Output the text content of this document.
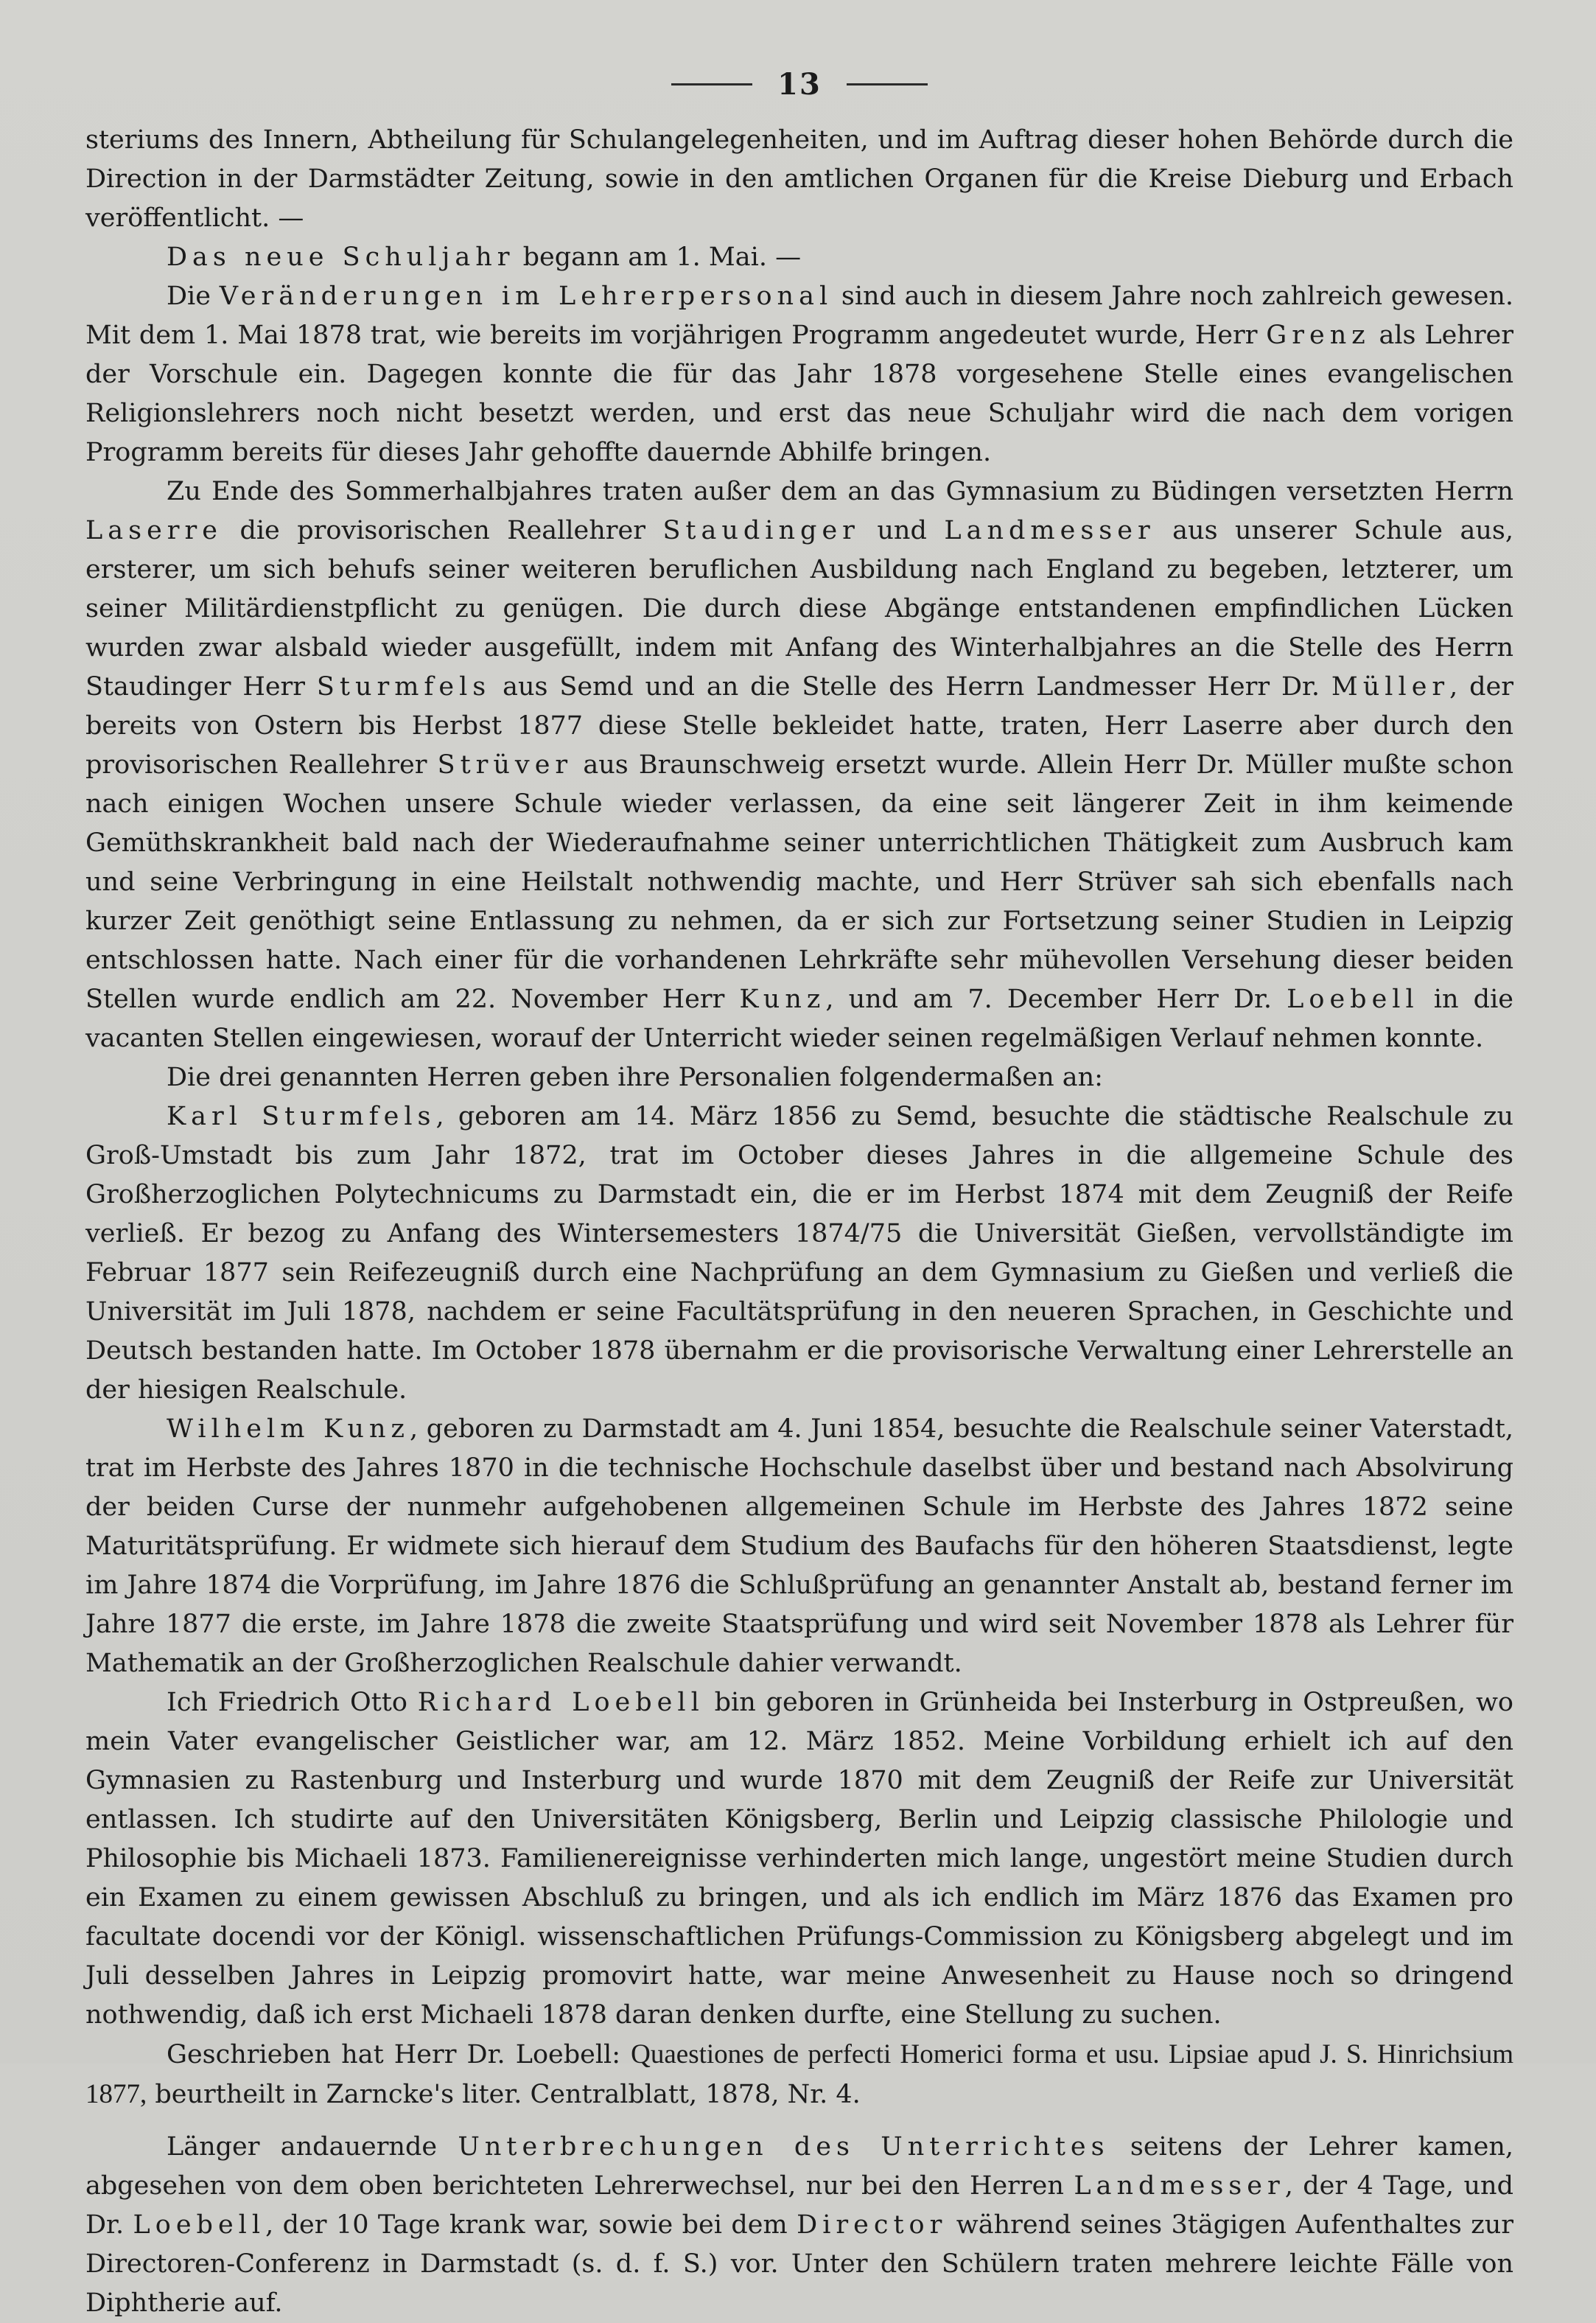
13

steriums des Innern, Abtheilung für Schulangelegenheiten, und im Auftrag dieser hohen Behörde durch die Direction in der Darmstädter Zeitung, sowie in den amtlichen Organen für die Kreise Dieburg und Erbach veröffentlicht. —

Das neue Schuljahr begann am 1. Mai. —

Die Veränderungen im Lehrerpersonal sind auch in diesem Jahre noch zahlreich gewesen. Mit dem 1. Mai 1878 trat, wie bereits im vorjährigen Programm angedeutet wurde, Herr Grenz als Lehrer der Vorschule ein. Dagegen konnte die für das Jahr 1878 vorgesehene Stelle eines evangelischen Religionslehrers noch nicht besetzt werden, und erst das neue Schuljahr wird die nach dem vorigen Programm bereits für dieses Jahr gehoffte dauernde Abhilfe bringen.

Zu Ende des Sommerhalbjahres traten außer dem an das Gymnasium zu Büdingen versetzten Herrn Laserre die provisorischen Reallehrer Staudinger und Landmesser aus unserer Schule aus, ersterer, um sich behufs seiner weiteren beruflichen Ausbildung nach England zu begeben, letzterer, um seiner Militärdienstpflicht zu genügen. Die durch diese Abgänge entstandenen empfindlichen Lücken wurden zwar alsbald wieder ausgefüllt, indem mit Anfang des Winterhalbjahres an die Stelle des Herrn Staudinger Herr Sturmfels aus Semd und an die Stelle des Herrn Landmesser Herr Dr. Müller, der bereits von Ostern bis Herbst 1877 diese Stelle bekleidet hatte, traten, Herr Laserre aber durch den provisorischen Reallehrer Strüver aus Braunschweig ersetzt wurde. Allein Herr Dr. Müller mußte schon nach einigen Wochen unsere Schule wieder verlassen, da eine seit längerer Zeit in ihm keimende Gemüthskrankheit bald nach der Wiederaufnahme seiner unterrichtlichen Thätigkeit zum Ausbruch kam und seine Verbringung in eine Heilstalt nothwendig machte, und Herr Strüver sah sich ebenfalls nach kurzer Zeit genöthigt seine Entlassung zu nehmen, da er sich zur Fortsetzung seiner Studien in Leipzig entschlossen hatte. Nach einer für die vorhandenen Lehrkräfte sehr mühevollen Versehung dieser beiden Stellen wurde endlich am 22. November Herr Kunz, und am 7. December Herr Dr. Loebell in die vacanten Stellen eingewiesen, worauf der Unterricht wieder seinen regelmäßigen Verlauf nehmen konnte.

Die drei genannten Herren geben ihre Personalien folgendermaßen an:

Karl Sturmfels, geboren am 14. März 1856 zu Semd, besuchte die städtische Realschule zu Groß-Umstadt bis zum Jahr 1872, trat im October dieses Jahres in die allgemeine Schule des Großherzoglichen Polytechnicums zu Darmstadt ein, die er im Herbst 1874 mit dem Zeugniß der Reife verließ. Er bezog zu Anfang des Wintersemesters 1874/75 die Universität Gießen, vervollständigte im Februar 1877 sein Reifezeugniß durch eine Nachprüfung an dem Gymnasium zu Gießen und verließ die Universität im Juli 1878, nachdem er seine Facultätsprüfung in den neueren Sprachen, in Geschichte und Deutsch bestanden hatte. Im October 1878 übernahm er die provisorische Verwaltung einer Lehrerstelle an der hiesigen Realschule.

Wilhelm Kunz, geboren zu Darmstadt am 4. Juni 1854, besuchte die Realschule seiner Vaterstadt, trat im Herbste des Jahres 1870 in die technische Hochschule daselbst über und bestand nach Absolvirung der beiden Curse der nunmehr aufgehobenen allgemeinen Schule im Herbste des Jahres 1872 seine Maturitätsprüfung. Er widmete sich hierauf dem Studium des Baufachs für den höheren Staatsdienst, legte im Jahre 1874 die Vorprüfung, im Jahre 1876 die Schlußprüfung an genannter Anstalt ab, bestand ferner im Jahre 1877 die erste, im Jahre 1878 die zweite Staatsprüfung und wird seit November 1878 als Lehrer für Mathematik an der Großherzoglichen Realschule dahier verwandt.

Ich Friedrich Otto Richard Loebell bin geboren in Grünheida bei Insterburg in Ostpreußen, wo mein Vater evangelischer Geistlicher war, am 12. März 1852. Meine Vorbildung erhielt ich auf den Gymnasien zu Rastenburg und Insterburg und wurde 1870 mit dem Zeugniß der Reife zur Universität entlassen. Ich studirte auf den Universitäten Königsberg, Berlin und Leipzig classische Philologie und Philosophie bis Michaeli 1873. Familienereignisse verhinderten mich lange, ungestört meine Studien durch ein Examen zu einem gewissen Abschluß zu bringen, und als ich endlich im März 1876 das Examen pro facultate docendi vor der Königl. wissenschaftlichen Prüfungs-Commission zu Königsberg abgelegt und im Juli desselben Jahres in Leipzig promovirt hatte, war meine Anwesenheit zu Hause noch so dringend nothwendig, daß ich erst Michaeli 1878 daran denken durfte, eine Stellung zu suchen.

Geschrieben hat Herr Dr. Loebell: Quaestiones de perfecti Homerici forma et usu. Lipsiae apud J. S. Hinrichsium 1877, beurtheilt in Zarncke's liter. Centralblatt, 1878, Nr. 4.

Länger andauernde Unterbrechungen des Unterrichtes seitens der Lehrer kamen, abgesehen von dem oben berichteten Lehrerwechsel, nur bei den Herren Landmesser, der 4 Tage, und Dr. Loebell, der 10 Tage krank war, sowie bei dem Director während seines 3tägigen Aufenthaltes zur Directoren-Conferenz in Darmstadt (s. d. f. S.) vor. Unter den Schülern traten mehrere leichte Fälle von Diphtherie auf.
